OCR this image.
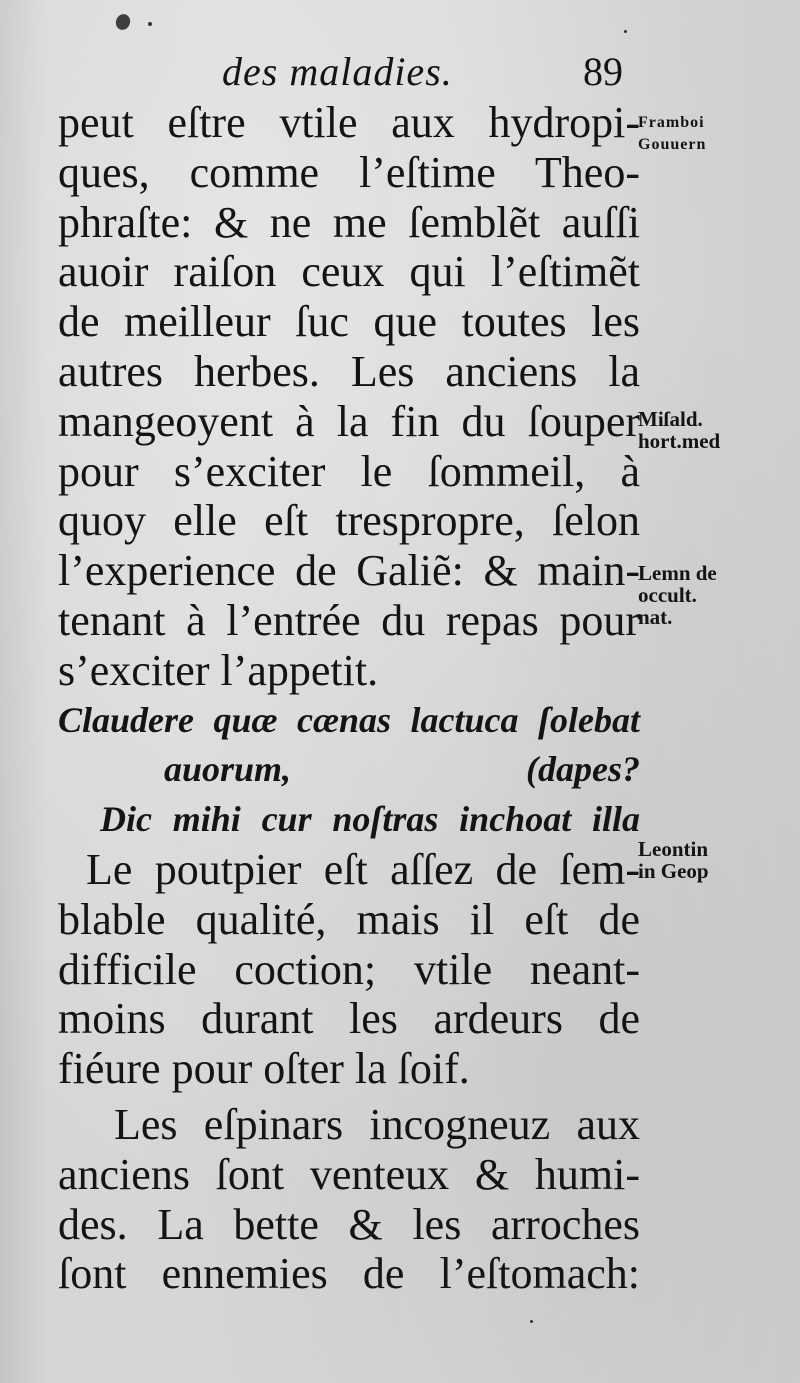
des maladies.	89
peut eſtre vtile aux hydropi-
ques, comme l’eſtime Theo-
phraſte: & ne me ſemblẽt auſſi
auoir raiſon ceux qui l’eſtimẽt
de meilleur ſuc que toutes les
autres herbes. Les anciens la
mangeoyent à la fin du ſouper
pour s’exciter le ſommeil, à
quoy elle eſt tresproprе, ſelon
l’experience de Galiẽ: & main-
tenant à l’entrée du repas pour
s’exciter l’appetit.
Claudere quæ cænas lactuca ſolebat
auorum,	(dapes?
Dic mihi cur noſtras inchoat illa
Le poutpier eſt aſſez de ſem-
blable qualité, mais il eſt de
difficile coction; vtile neant-
moins durant les ardeurs de
fiéure pour oſter la ſoif.
Les eſpinars incogneuz aux
anciens ſont venteux & humi-
des. La bette & les arroches
ſont ennemies de l’eſtomach:
Framboi
Gouuern
Miſald.
hort.med
Lemn de
occult.
nat.
Leontin
in Geop
